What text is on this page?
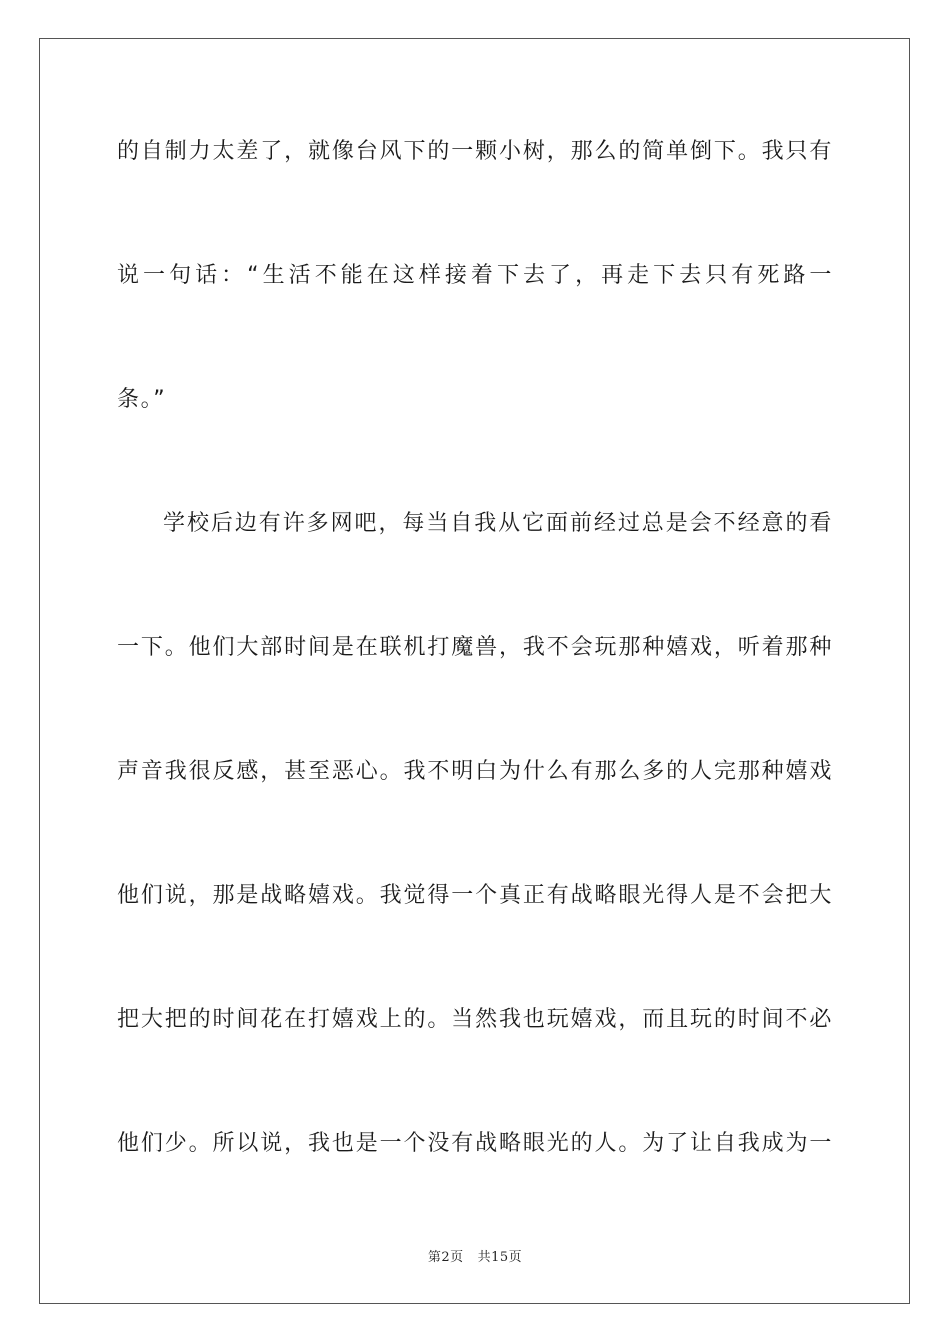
的自制力太差了，就像台风下的一颗小树，那么的简单倒下。我只有
说一句话：“生活不能在这样接着下去了，再走下去只有死路一
条。”
学校后边有许多网吧，每当自我从它面前经过总是会不经意的看
一下。他们大部时间是在联机打魔兽，我不会玩那种嬉戏，听着那种
声音我很反感，甚至恶心。我不明白为什么有那么多的人完那种嬉戏
他们说，那是战略嬉戏。我觉得一个真正有战略眼光得人是不会把大
把大把的时间花在打嬉戏上的。当然我也玩嬉戏，而且玩的时间不必
他们少。所以说，我也是一个没有战略眼光的人。为了让自我成为一
第2页 共15页
